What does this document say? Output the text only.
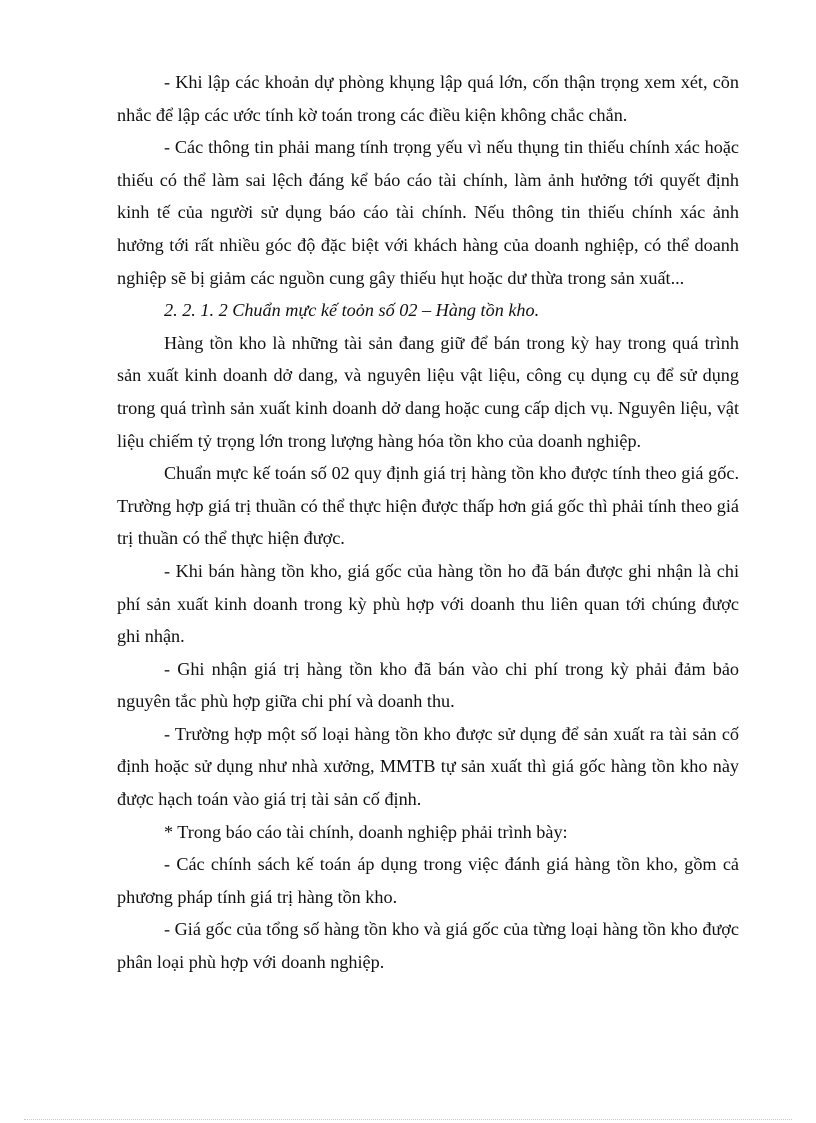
- Khi lập các khoản dự phòng khụng lập quá lớn, cốn thận trọng xem xét, cõn nhắc để lập các ước tính kờ toán trong các điều kiện không chắc chắn.

- Các thông tin phải mang tính trọng yếu vì nếu thụng tin thiếu chính xác hoặc thiếu có thể làm sai lệch đáng kể báo cáo tài chính, làm ảnh hưởng tới quyết định kinh tế của người sử dụng báo cáo tài chính. Nếu thông tin thiếu chính xác ảnh hưởng tới rất nhiều góc độ đặc biệt với khách hàng của doanh nghiệp, có thể doanh nghiệp sẽ bị giảm các nguồn cung gây thiếu hụt hoặc dư thừa trong sản xuất...

2. 2. 1. 2 Chuẩn mực kế toỏn số 02 – Hàng tồn kho.

Hàng tồn kho là những tài sản đang giữ để bán trong kỳ hay trong quá trình sản xuất kinh doanh dở dang, và nguyên liệu vật liệu, công cụ dụng cụ để sử dụng trong quá trình sản xuất kinh doanh dở dang hoặc cung cấp dịch vụ. Nguyên liệu, vật liệu chiếm tỷ trọng lớn trong lượng hàng hóa tồn kho của doanh nghiệp.

Chuẩn mực kế toán số 02 quy định giá trị hàng tồn kho được tính theo giá gốc. Trường hợp giá trị thuần có thể thực hiện được thấp hơn giá gốc thì phải tính theo giá trị thuần có thể thực hiện được.

- Khi bán hàng tồn kho, giá gốc của hàng tồn ho đã bán được ghi nhận là chi phí sản xuất kinh doanh trong kỳ phù hợp với doanh thu liên quan tới chúng được ghi nhận.

- Ghi nhận giá trị hàng tồn kho đã bán vào chi phí trong kỳ phải đảm bảo nguyên tắc phù hợp giữa chi phí và doanh thu.

- Trường hợp một số loại hàng tồn kho được sử dụng để sản xuất ra tài sản cố định hoặc sử dụng như nhà xưởng, MMTB tự sản xuất thì giá gốc hàng tồn kho này được hạch toán vào giá trị tài sản cố định.

* Trong báo cáo tài chính, doanh nghiệp phải trình bày:

- Các chính sách kế toán áp dụng trong việc đánh giá hàng tồn kho, gồm cả phương pháp tính giá trị hàng tồn kho.

- Giá gốc của tổng số hàng tồn kho và giá gốc của từng loại hàng tồn kho được phân loại phù hợp với doanh nghiệp.
